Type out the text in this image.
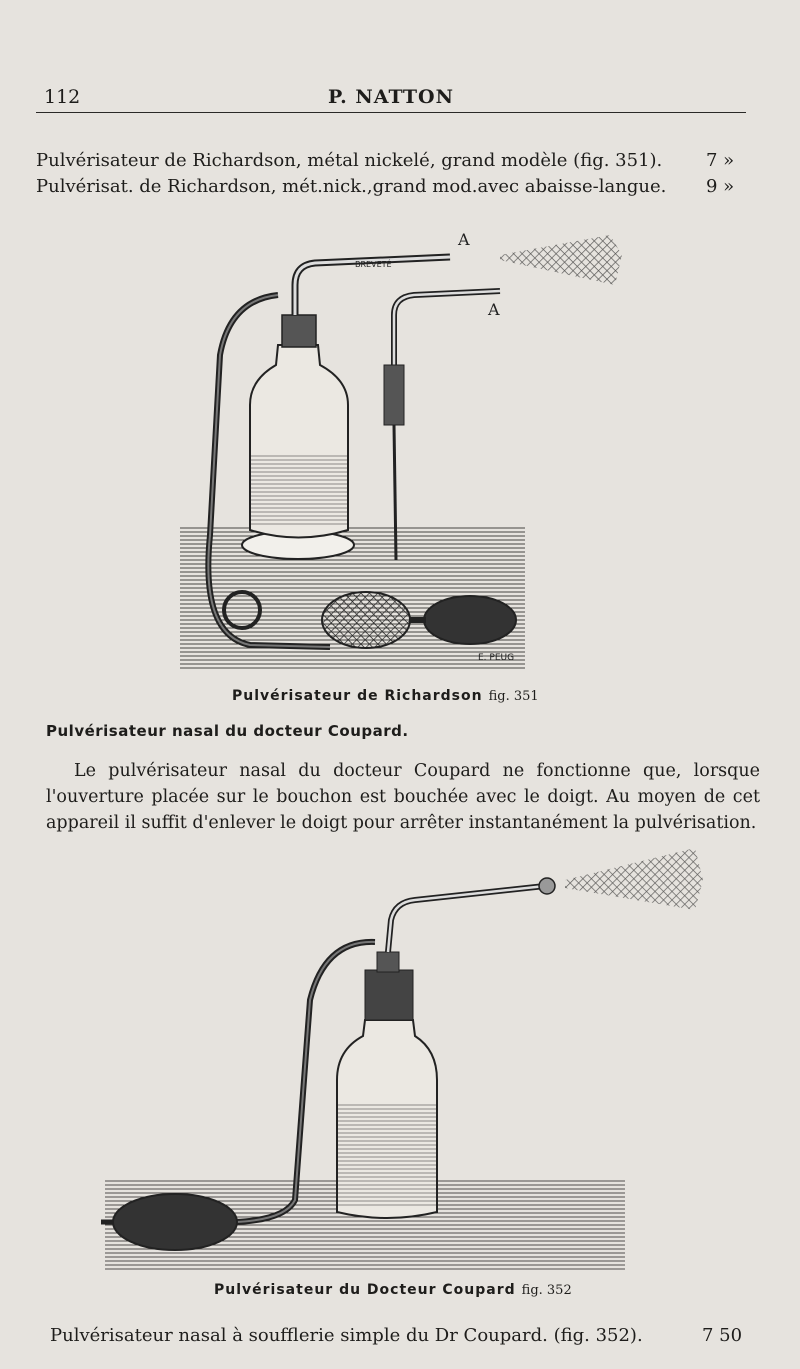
112	P. NATTON
Pulvérisateur de Richardson, métal nickelé, grand modèle (fig. 351). 7 »
Pulvérisat. de Richardson, mét.nick.,grand mod.avec abaisse-langue. 9 »
BREVETÉ
A
A
E. PEUG
Pulvérisateur de Richardson fig. 351
Pulvérisateur nasal du docteur Coupard.
Le pulvérisateur nasal du docteur Coupard ne fonctionne que, lorsque l'ouverture placée sur le bouchon est bouchée avec le doigt. Au moyen de cet appareil il suffit d'enlever le doigt pour arrêter instantanément la pulvérisation.
Pulvérisateur du Docteur Coupard fig. 352
Pulvérisateur nasal à soufflerie simple du Dr Coupard. (fig. 352).	7 50
